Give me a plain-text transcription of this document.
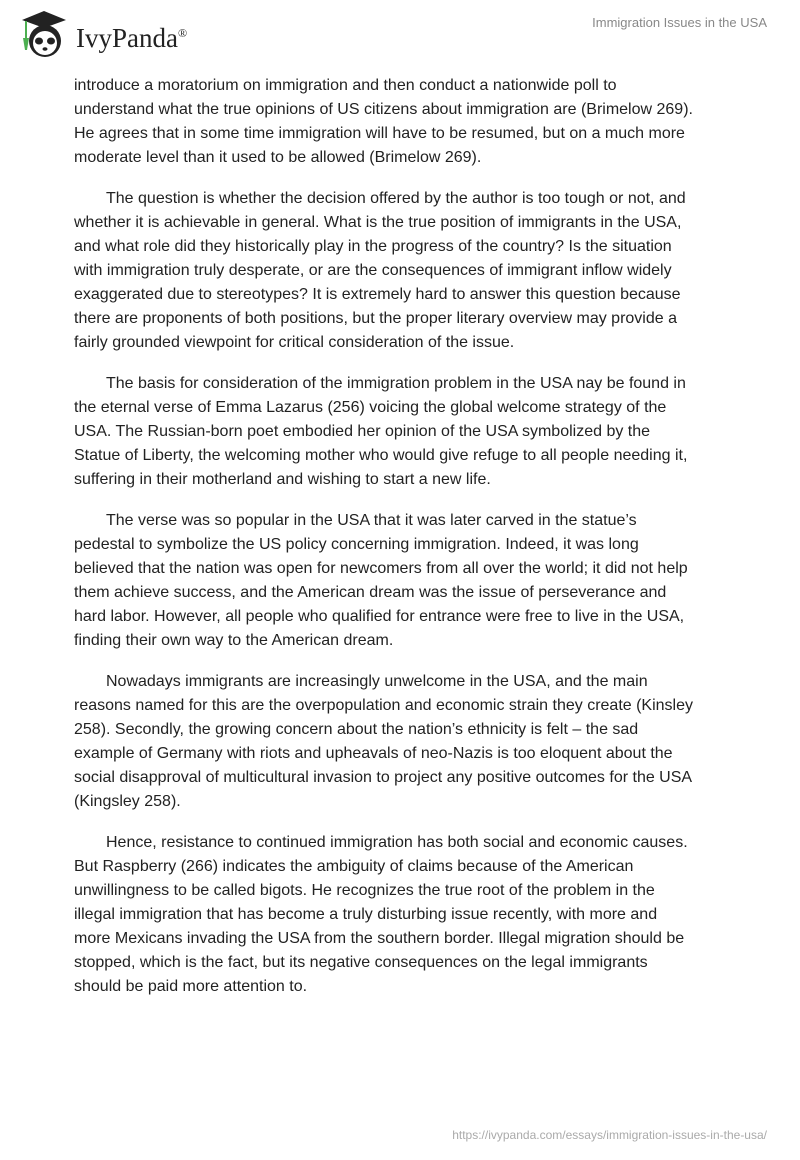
IvyPanda®
Immigration Issues in the USA

introduce a moratorium on immigration and then conduct a nationwide poll to
understand what the true opinions of US citizens about immigration are (Brimelow 269).
He agrees that in some time immigration will have to be resumed, but on a much more
moderate level than it used to be allowed (Brimelow 269).

The question is whether the decision offered by the author is too tough or not, and
whether it is achievable in general. What is the true position of immigrants in the USA,
and what role did they historically play in the progress of the country? Is the situation
with immigration truly desperate, or are the consequences of immigrant inflow widely
exaggerated due to stereotypes? It is extremely hard to answer this question because
there are proponents of both positions, but the proper literary overview may provide a
fairly grounded viewpoint for critical consideration of the issue.

The basis for consideration of the immigration problem in the USA nay be found in
the eternal verse of Emma Lazarus (256) voicing the global welcome strategy of the
USA. The Russian-born poet embodied her opinion of the USA symbolized by the
Statue of Liberty, the welcoming mother who would give refuge to all people needing it,
suffering in their motherland and wishing to start a new life.

The verse was so popular in the USA that it was later carved in the statue’s
pedestal to symbolize the US policy concerning immigration. Indeed, it was long
believed that the nation was open for newcomers from all over the world; it did not help
them achieve success, and the American dream was the issue of perseverance and
hard labor. However, all people who qualified for entrance were free to live in the USA,
finding their own way to the American dream.

Nowadays immigrants are increasingly unwelcome in the USA, and the main
reasons named for this are the overpopulation and economic strain they create (Kinsley
258). Secondly, the growing concern about the nation’s ethnicity is felt – the sad
example of Germany with riots and upheavals of neo-Nazis is too eloquent about the
social disapproval of multicultural invasion to project any positive outcomes for the USA
(Kingsley 258).

Hence, resistance to continued immigration has both social and economic causes.
But Raspberry (266) indicates the ambiguity of claims because of the American
unwillingness to be called bigots. He recognizes the true root of the problem in the
illegal immigration that has become a truly disturbing issue recently, with more and
more Mexicans invading the USA from the southern border. Illegal migration should be
stopped, which is the fact, but its negative consequences on the legal immigrants
should be paid more attention to.

https://ivypanda.com/essays/immigration-issues-in-the-usa/
